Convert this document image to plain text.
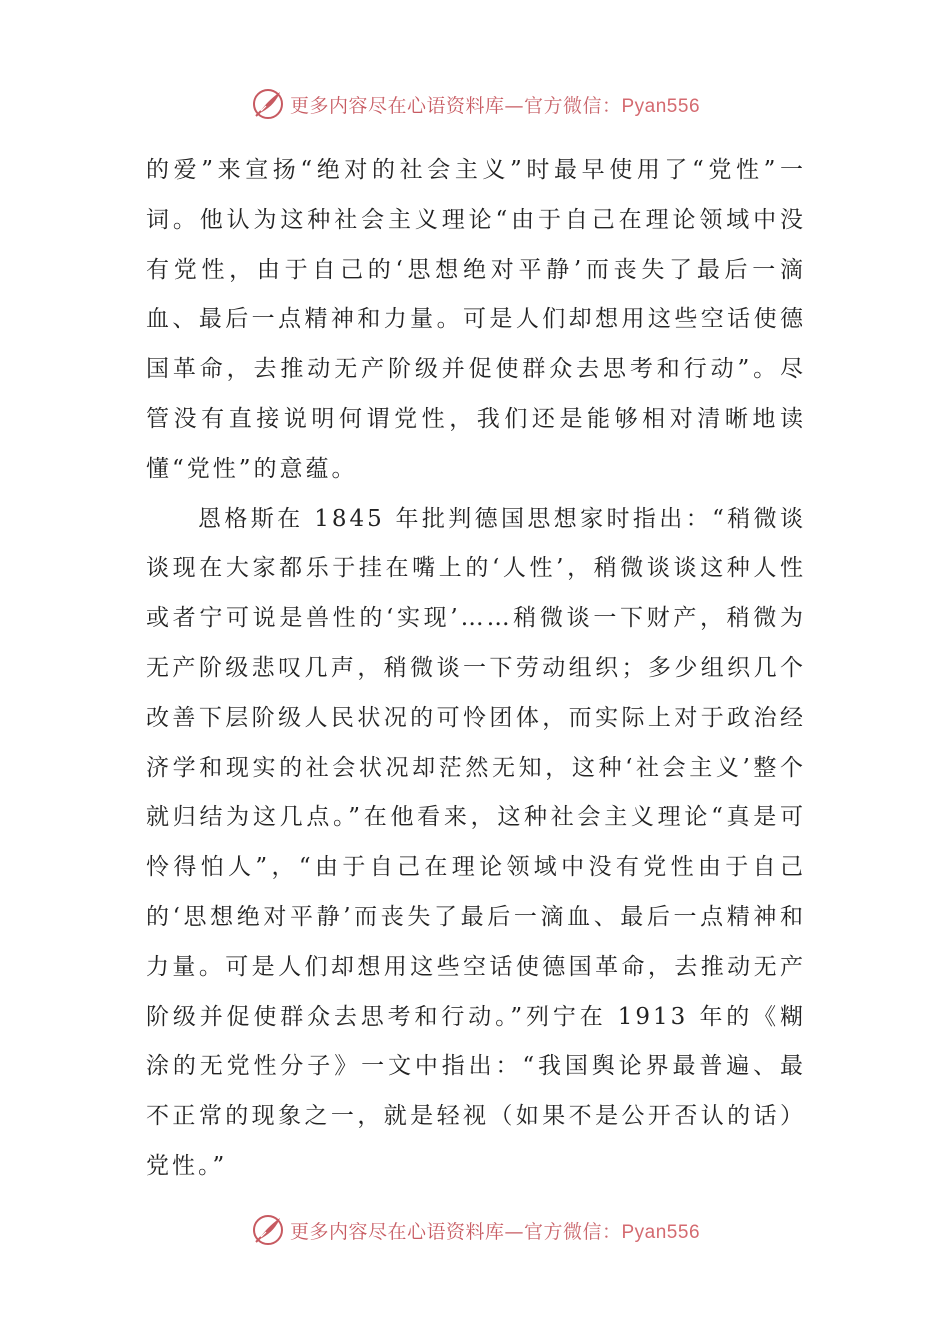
更多内容尽在心语资料库—官方微信：Pyan556

的爱”来宣扬“绝对的社会主义”时最早使用了“党性”一词。他认为这种社会主义理论“由于自己在理论领域中没有党性，由于自己的‘思想绝对平静’而丧失了最后一滴血、最后一点精神和力量。可是人们却想用这些空话使德国革命，去推动无产阶级并促使群众去思考和行动”。尽管没有直接说明何谓党性，我们还是能够相对清晰地读懂“党性”的意蕴。

恩格斯在 1845 年批判德国思想家时指出：“稍微谈谈现在大家都乐于挂在嘴上的‘人性’，稍微谈谈这种人性或者宁可说是兽性的‘实现’……稍微谈一下财产，稍微为无产阶级悲叹几声，稍微谈一下劳动组织；多少组织几个改善下层阶级人民状况的可怜团体，而实际上对于政治经济学和现实的社会状况却茫然无知，这种‘社会主义’整个就归结为这几点。”在他看来，这种社会主义理论“真是可怜得怕人”，“由于自己在理论领域中没有党性由于自己的‘思想绝对平静’而丧失了最后一滴血、最后一点精神和力量。可是人们却想用这些空话使德国革命，去推动无产阶级并促使群众去思考和行动。”列宁在 1913 年的《糊涂的无党性分子》一文中指出：“我国舆论界最普遍、最不正常的现象之一，就是轻视（如果不是公开否认的话）党性。”

更多内容尽在心语资料库—官方微信：Pyan556
